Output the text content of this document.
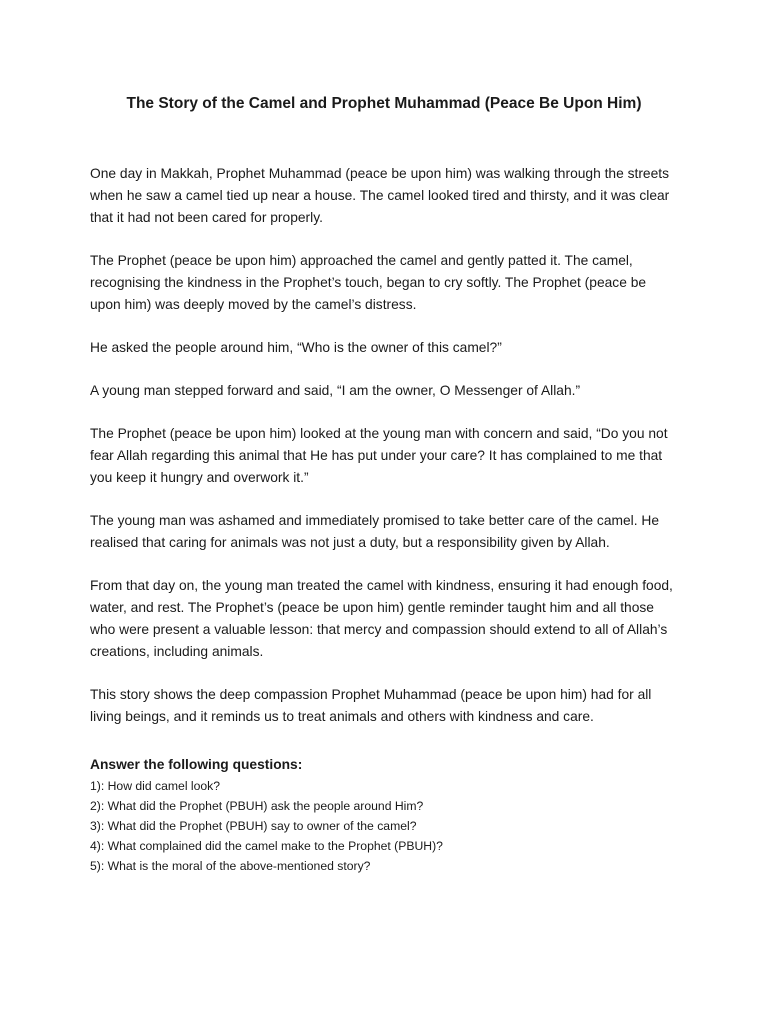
The Story of the Camel and Prophet Muhammad (Peace Be Upon Him)

One day in Makkah, Prophet Muhammad (peace be upon him) was walking through the streets when he saw a camel tied up near a house. The camel looked tired and thirsty, and it was clear that it had not been cared for properly.

The Prophet (peace be upon him) approached the camel and gently patted it. The camel, recognising the kindness in the Prophet’s touch, began to cry softly. The Prophet (peace be upon him) was deeply moved by the camel’s distress.

He asked the people around him, “Who is the owner of this camel?”

A young man stepped forward and said, “I am the owner, O Messenger of Allah.”

The Prophet (peace be upon him) looked at the young man with concern and said, “Do you not fear Allah regarding this animal that He has put under your care? It has complained to me that you keep it hungry and overwork it.”

The young man was ashamed and immediately promised to take better care of the camel. He realised that caring for animals was not just a duty, but a responsibility given by Allah.

From that day on, the young man treated the camel with kindness, ensuring it had enough food, water, and rest. The Prophet’s (peace be upon him) gentle reminder taught him and all those who were present a valuable lesson: that mercy and compassion should extend to all of Allah’s creations, including animals.

This story shows the deep compassion Prophet Muhammad (peace be upon him) had for all living beings, and it reminds us to treat animals and others with kindness and care.

Answer the following questions:

1): How did camel look?
2): What did the Prophet (PBUH) ask the people around Him?
3): What did the Prophet (PBUH) say to owner of the camel?
4): What complained did the camel make to the Prophet (PBUH)?
5): What is the moral of the above-mentioned story?
